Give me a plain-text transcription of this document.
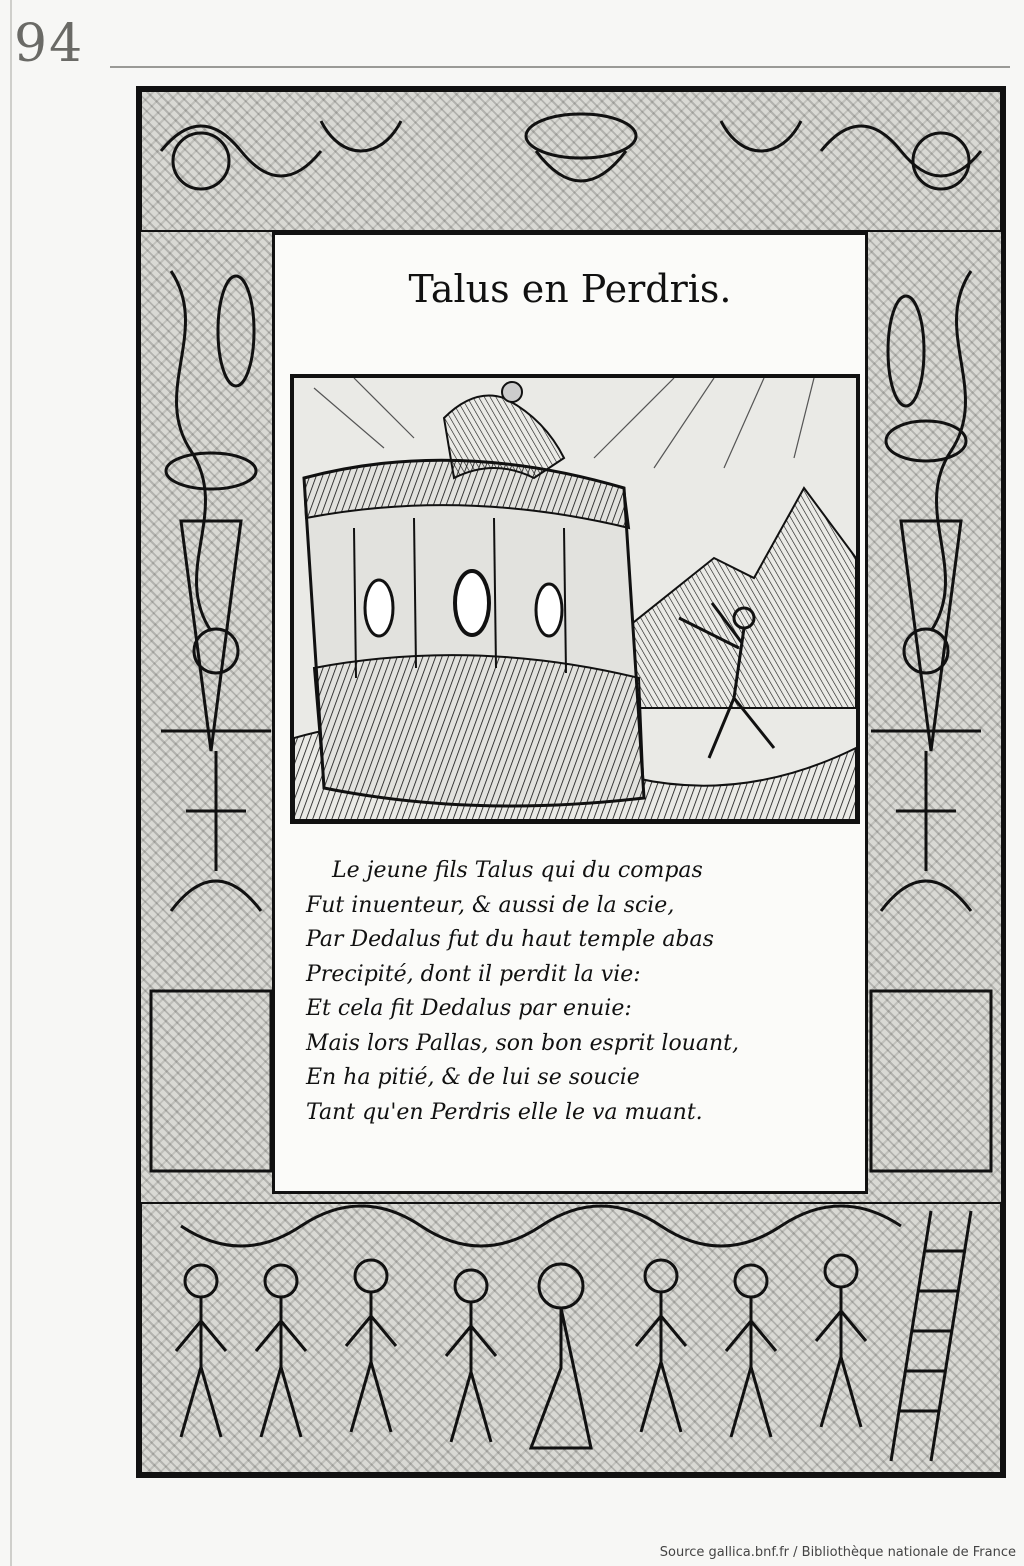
94
Talus en Perdris.
Le jeune fils Talus qui du compas
Fut inuenteur, & aussi de la scie,
Par Dedalus fut du haut temple abas
Precipité, dont il perdit la vie:
Et cela fit Dedalus par enuie:
Mais lors Pallas, son bon esprit louant,
En ha pitié, & de lui se soucie
Tant qu'en Perdris elle le va muant.
Source gallica.bnf.fr / Bibliothèque nationale de France
